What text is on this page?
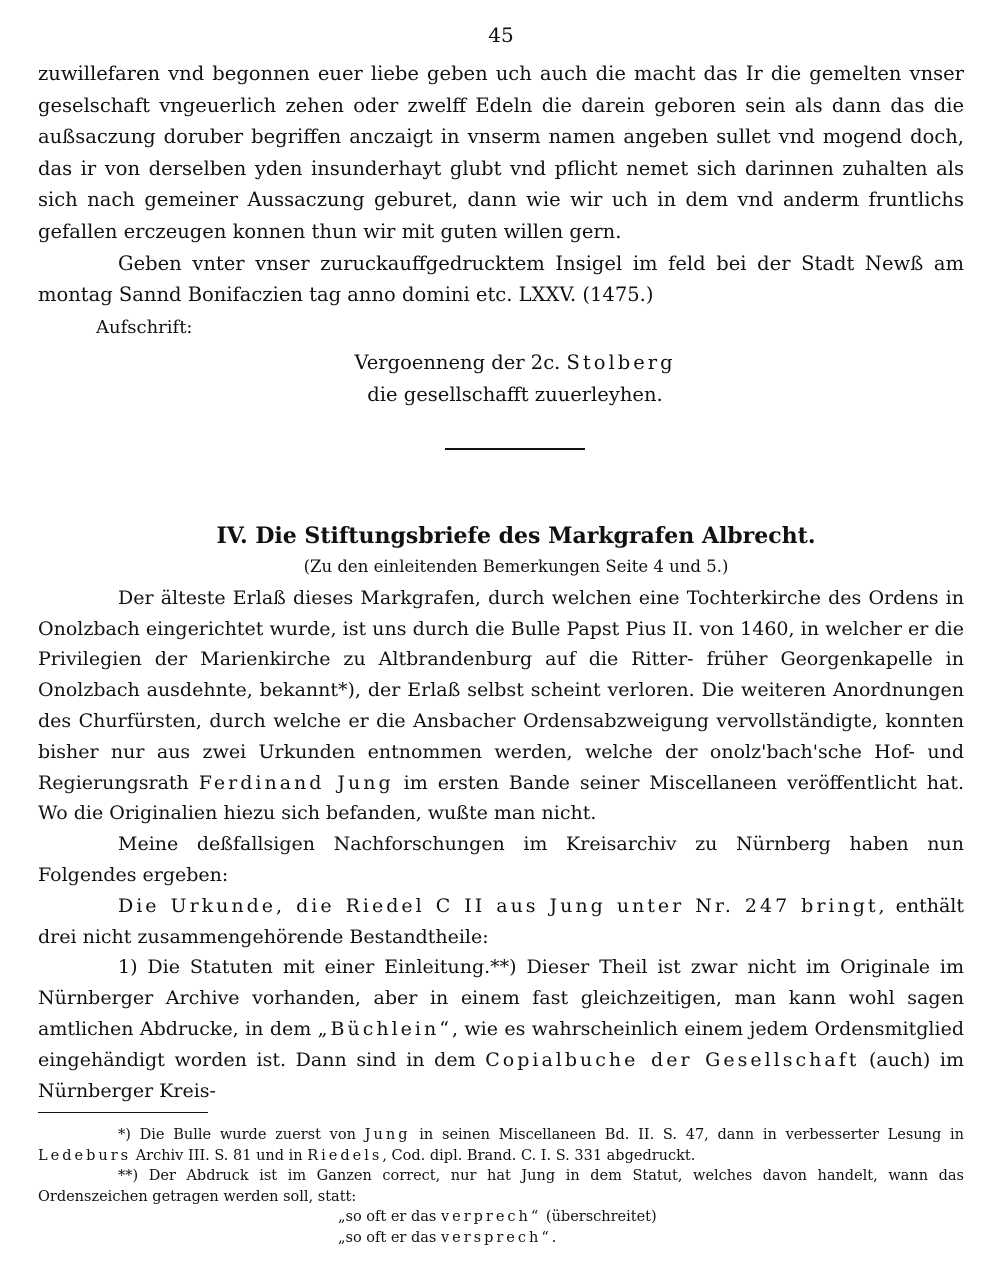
45

zuwillefaren vnd begonnen euer liebe geben uch auch die macht das Ir die gemelten vnser geselschaft vngeuerlich zehen oder zwelff Edeln die darein geboren sein als dann das die außsaczung doruber begriffen anczaigt in vnserm namen angeben sullet vnd mogend doch, das ir von derselben yden insunderhayt glubt vnd pflicht nemet sich darinnen zuhalten als sich nach gemeiner Aussaczung geburet, dann wie wir uch in dem vnd anderm fruntlichs gefallen erczeugen konnen thun wir mit guten willen gern.

Geben vnter vnser zuruckauffgedrucktem Insigel im feld bei der Stadt Newß am montag Sannd Bonifaczien tag anno domini etc. LXXV. (1475.)

Aufschrift:
Vergoenneng der 2c. Stolberg
die gesellschafft zuuerleyhen.
IV. Die Stiftungsbriefe des Markgrafen Albrecht.
(Zu den einleitenden Bemerkungen Seite 4 und 5.)

Der älteste Erlaß dieses Markgrafen, durch welchen eine Tochterkirche des Ordens in Onolzbach eingerichtet wurde, ist uns durch die Bulle Papst Pius II. von 1460, in welcher er die Privilegien der Marienkirche zu Altbrandenburg auf die Ritter- früher Georgenkapelle in Onolzbach ausdehnte, bekannt*), der Erlaß selbst scheint verloren. Die weiteren Anordnungen des Churfürsten, durch welche er die Ansbacher Ordensabzweigung vervollständigte, konnten bisher nur aus zwei Urkunden entnommen werden, welche der onolz'bach'sche Hof- und Regierungsrath Ferdinand Jung im ersten Bande seiner Miscellaneen veröffentlicht hat. Wo die Originalien hiezu sich befanden, wußte man nicht.

Meine deßfallsigen Nachforschungen im Kreisarchiv zu Nürnberg haben nun Folgendes ergeben:

Die Urkunde, die Riedel C II aus Jung unter Nr. 247 bringt, enthält drei nicht zusammengehörende Bestandtheile:

1) Die Statuten mit einer Einleitung.**) Dieser Theil ist zwar nicht im Originale im Nürnberger Archive vorhanden, aber in einem fast gleichzeitigen, man kann wohl sagen amtlichen Abdrucke, in dem „Büchlein“, wie es wahrscheinlich einem jedem Ordensmitglied eingehändigt worden ist. Dann sind in dem Copialbuche der Gesellschaft (auch) im Nürnberger Kreis-

*) Die Bulle wurde zuerst von Jung in seinen Miscellaneen Bd. II. S. 47, dann in verbesserter Lesung in Ledeburs Archiv III. S. 81 und in Riedels, Cod. dipl. Brand. C. I. S. 331 abgedruckt.

**) Der Abdruck ist im Ganzen correct, nur hat Jung in dem Statut, welches davon handelt, wann das Ordenszeichen getragen werden soll, statt:

„so oft er das verprech“ (überschreitet)
„so oft er das versprech“.
